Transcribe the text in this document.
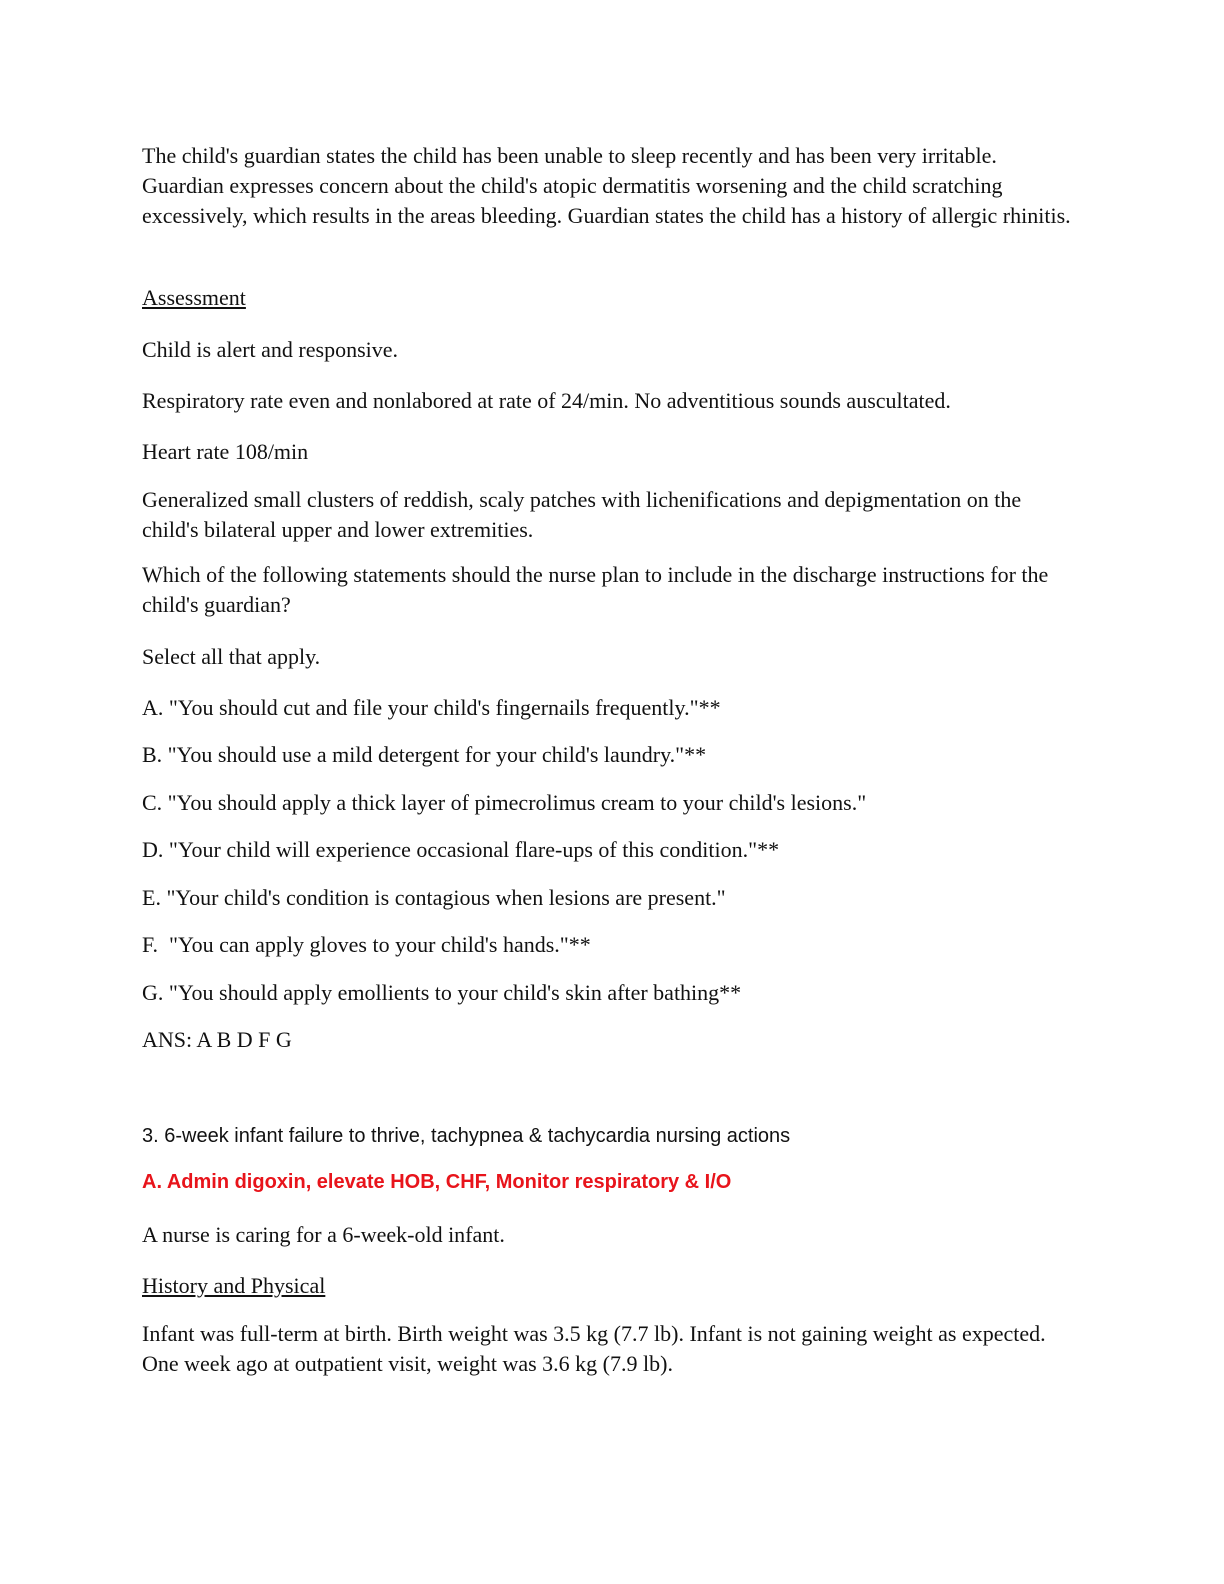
The child's guardian states the child has been unable to sleep recently and has been very irritable. Guardian expresses concern about the child's atopic dermatitis worsening and the child scratching excessively, which results in the areas bleeding. Guardian states the child has a history of allergic rhinitis.

Assessment

Child is alert and responsive.

Respiratory rate even and nonlabored at rate of 24/min. No adventitious sounds auscultated.

Heart rate 108/min

Generalized small clusters of reddish, scaly patches with lichenifications and depigmentation on the child's bilateral upper and lower extremities.

Which of the following statements should the nurse plan to include in the discharge instructions for the child's guardian?

Select all that apply.

A. "You should cut and file your child's fingernails frequently."**

B. "You should use a mild detergent for your child's laundry."**

C. "You should apply a thick layer of pimecrolimus cream to your child's lesions."

D. "Your child will experience occasional flare-ups of this condition."**

E. "Your child's condition is contagious when lesions are present."

F.  "You can apply gloves to your child's hands."**

G. "You should apply emollients to your child's skin after bathing**

ANS: A B D F G

3. 6-week infant failure to thrive, tachypnea & tachycardia nursing actions

A. Admin digoxin, elevate HOB, CHF, Monitor respiratory & I/O

A nurse is caring for a 6-week-old infant.

History and Physical

Infant was full-term at birth. Birth weight was 3.5 kg (7.7 lb). Infant is not gaining weight as expected. One week ago at outpatient visit, weight was 3.6 kg (7.9 lb).
